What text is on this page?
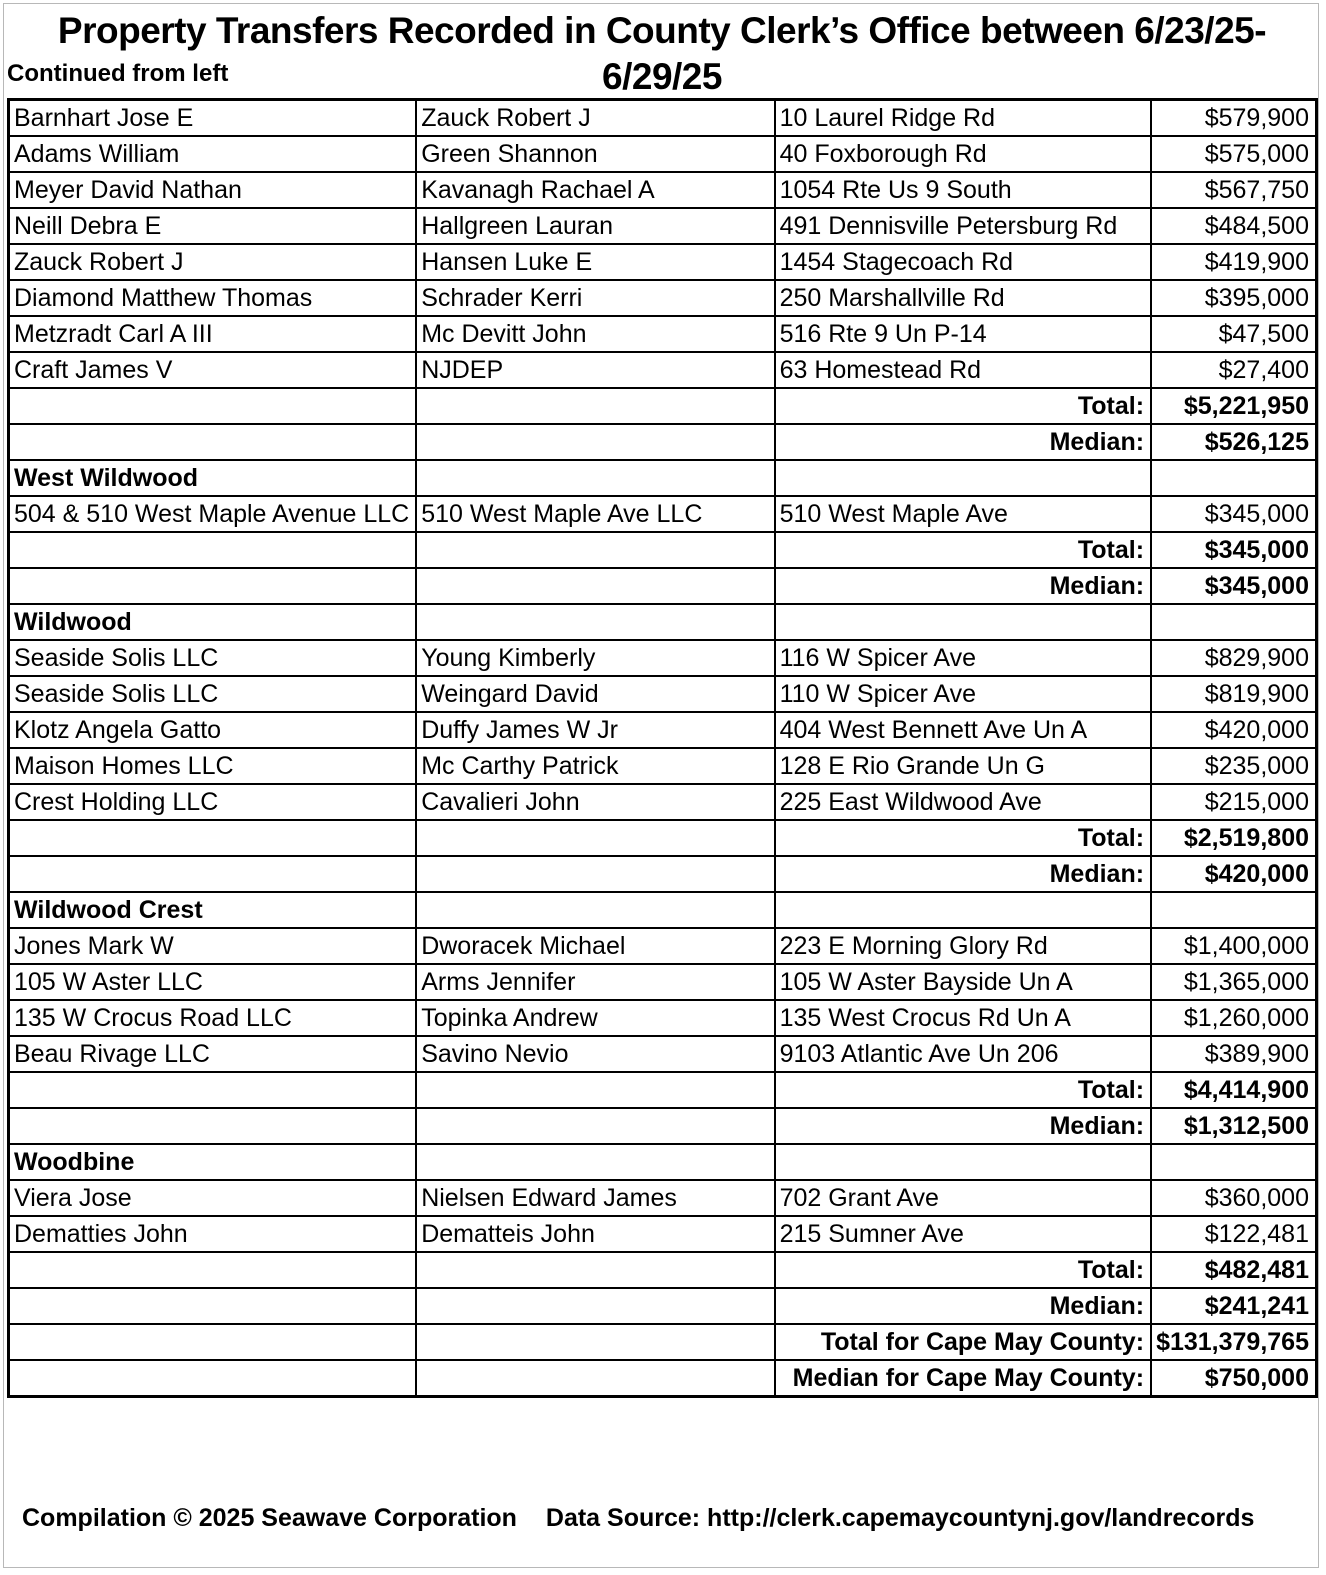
Property Transfers Recorded in County Clerk’s Office between 6/23/25-6/29/25
Continued from left
Barnhart Jose E	Zauck Robert J	10 Laurel Ridge Rd	$579,900
Adams William	Green Shannon	40 Foxborough Rd	$575,000
Meyer David Nathan	Kavanagh Rachael A	1054 Rte Us 9 South	$567,750
Neill Debra E	Hallgreen Lauran	491 Dennisville Petersburg Rd	$484,500
Zauck Robert J	Hansen Luke E	1454 Stagecoach Rd	$419,900
Diamond Matthew Thomas	Schrader Kerri	250 Marshallville Rd	$395,000
Metzradt Carl A III	Mc Devitt John	516 Rte 9 Un P-14	$47,500
Craft James V	NJDEP	63 Homestead Rd	$27,400
		Total:	$5,221,950
		Median:	$526,125
West Wildwood			
504 & 510 West Maple Avenue LLC	510 West Maple Ave LLC	510 West Maple Ave	$345,000
		Total:	$345,000
		Median:	$345,000
Wildwood			
Seaside Solis LLC	Young Kimberly	116 W Spicer Ave	$829,900
Seaside Solis LLC	Weingard David	110 W Spicer Ave	$819,900
Klotz Angela Gatto	Duffy James W Jr	404 West Bennett Ave Un A	$420,000
Maison Homes LLC	Mc Carthy Patrick	128 E Rio Grande Un G	$235,000
Crest Holding LLC	Cavalieri John	225 East Wildwood Ave	$215,000
		Total:	$2,519,800
		Median:	$420,000
Wildwood Crest			
Jones Mark W	Dworacek Michael	223 E Morning Glory Rd	$1,400,000
105 W Aster LLC	Arms Jennifer	105 W Aster Bayside Un A	$1,365,000
135 W Crocus Road LLC	Topinka Andrew	135 West Crocus Rd Un A	$1,260,000
Beau Rivage LLC	Savino Nevio	9103 Atlantic Ave Un 206	$389,900
		Total:	$4,414,900
		Median:	$1,312,500
Woodbine			
Viera Jose	Nielsen Edward James	702 Grant Ave	$360,000
Dematties John	Dematteis John	215 Sumner Ave	$122,481
		Total:	$482,481
		Median:	$241,241
		Total for Cape May County:	$131,379,765
		Median for Cape May County:	$750,000
Compilation © 2025 Seawave Corporation Data Source: http://clerk.capemaycountynj.gov/landrecords
